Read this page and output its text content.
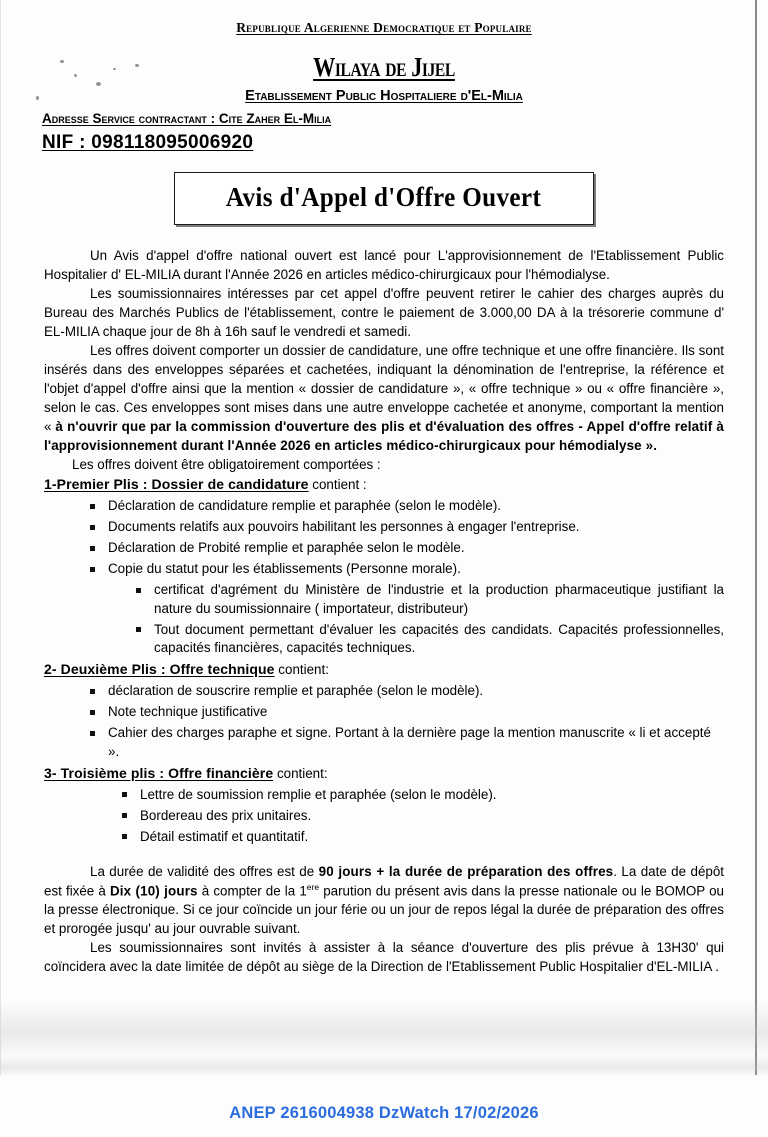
Republique Algerienne Democratique et Populaire
Wilaya de Jijel
Etablissement Public Hospitaliere d'El-Milia
Adresse Service contractant : Cite Zaher El-Milia
NIF : 098118095006920
Avis d'Appel d'Offre Ouvert

Un Avis d'appel d'offre national ouvert est lancé pour L'approvisionnement de l'Etablissement Public Hospitalier d' EL-MILIA durant l'Année 2026 en articles médico-chirurgicaux pour l'hémodialyse.

Les soumissionnaires intéresses par cet appel d'offre peuvent retirer le cahier des charges auprès du Bureau des Marchés Publics de l'établissement, contre le paiement de 3.000,00 DA à la trésorerie commune d' EL-MILIA chaque jour de 8h à 16h sauf le vendredi et samedi.

Les offres doivent comporter un dossier de candidature, une offre technique et une offre financière. Ils sont insérés dans des enveloppes séparées et cachetées, indiquant la dénomination de l'entreprise, la référence et l'objet d'appel d'offre ainsi que la mention « dossier de candidature », « offre technique » ou « offre financière », selon le cas. Ces enveloppes sont mises dans une autre enveloppe cachetée et anonyme, comportant la mention « à n'ouvrir que par la commission d'ouverture des plis et d'évaluation des offres - Appel d'offre relatif à l'approvisionnement durant l'Année 2026 en articles médico-chirurgicaux pour hémodialyse ».

Les offres doivent être obligatoirement comportées :

1-Premier Plis : Dossier de candidature contient :
Déclaration de candidature remplie et paraphée (selon le modèle).
Documents relatifs aux pouvoirs habilitant les personnes à engager l'entreprise.
Déclaration de Probité remplie et paraphée selon le modèle.
Copie du statut pour les établissements (Personne morale).
certificat d'agrément du Ministère de l'industrie et la production pharmaceutique justifiant la nature du soumissionnaire ( importateur, distributeur)
Tout document permettant d'évaluer les capacités des candidats. Capacités professionnelles, capacités financières, capacités techniques.
2- Deuxième Plis : Offre technique contient:
déclaration de souscrire remplie et paraphée (selon le modèle).
Note technique justificative
Cahier des charges paraphe et signe. Portant à la dernière page la mention manuscrite « li et accepté ».
3- Troisième plis : Offre financière contient:
Lettre de soumission remplie et paraphée (selon le modèle).
Bordereau des prix unitaires.
Détail estimatif et quantitatif.

La durée de validité des offres est de 90 jours + la durée de préparation des offres. La date de dépôt est fixée à Dix (10) jours à compter de la 1ere parution du présent avis dans la presse nationale ou le BOMOP ou la presse électronique. Si ce jour coïncide un jour férie ou un jour de repos légal la durée de préparation des offres et prorogée jusqu' au jour ouvrable suivant.

Les soumissionnaires sont invités à assister à la séance d'ouverture des plis prévue à 13H30' qui coïncidera avec la date limitée de dépôt au siège de la Direction de l'Etablissement Public Hospitalier d'EL-MILIA .

ANEP 2616004938 DzWatch 17/02/2026
